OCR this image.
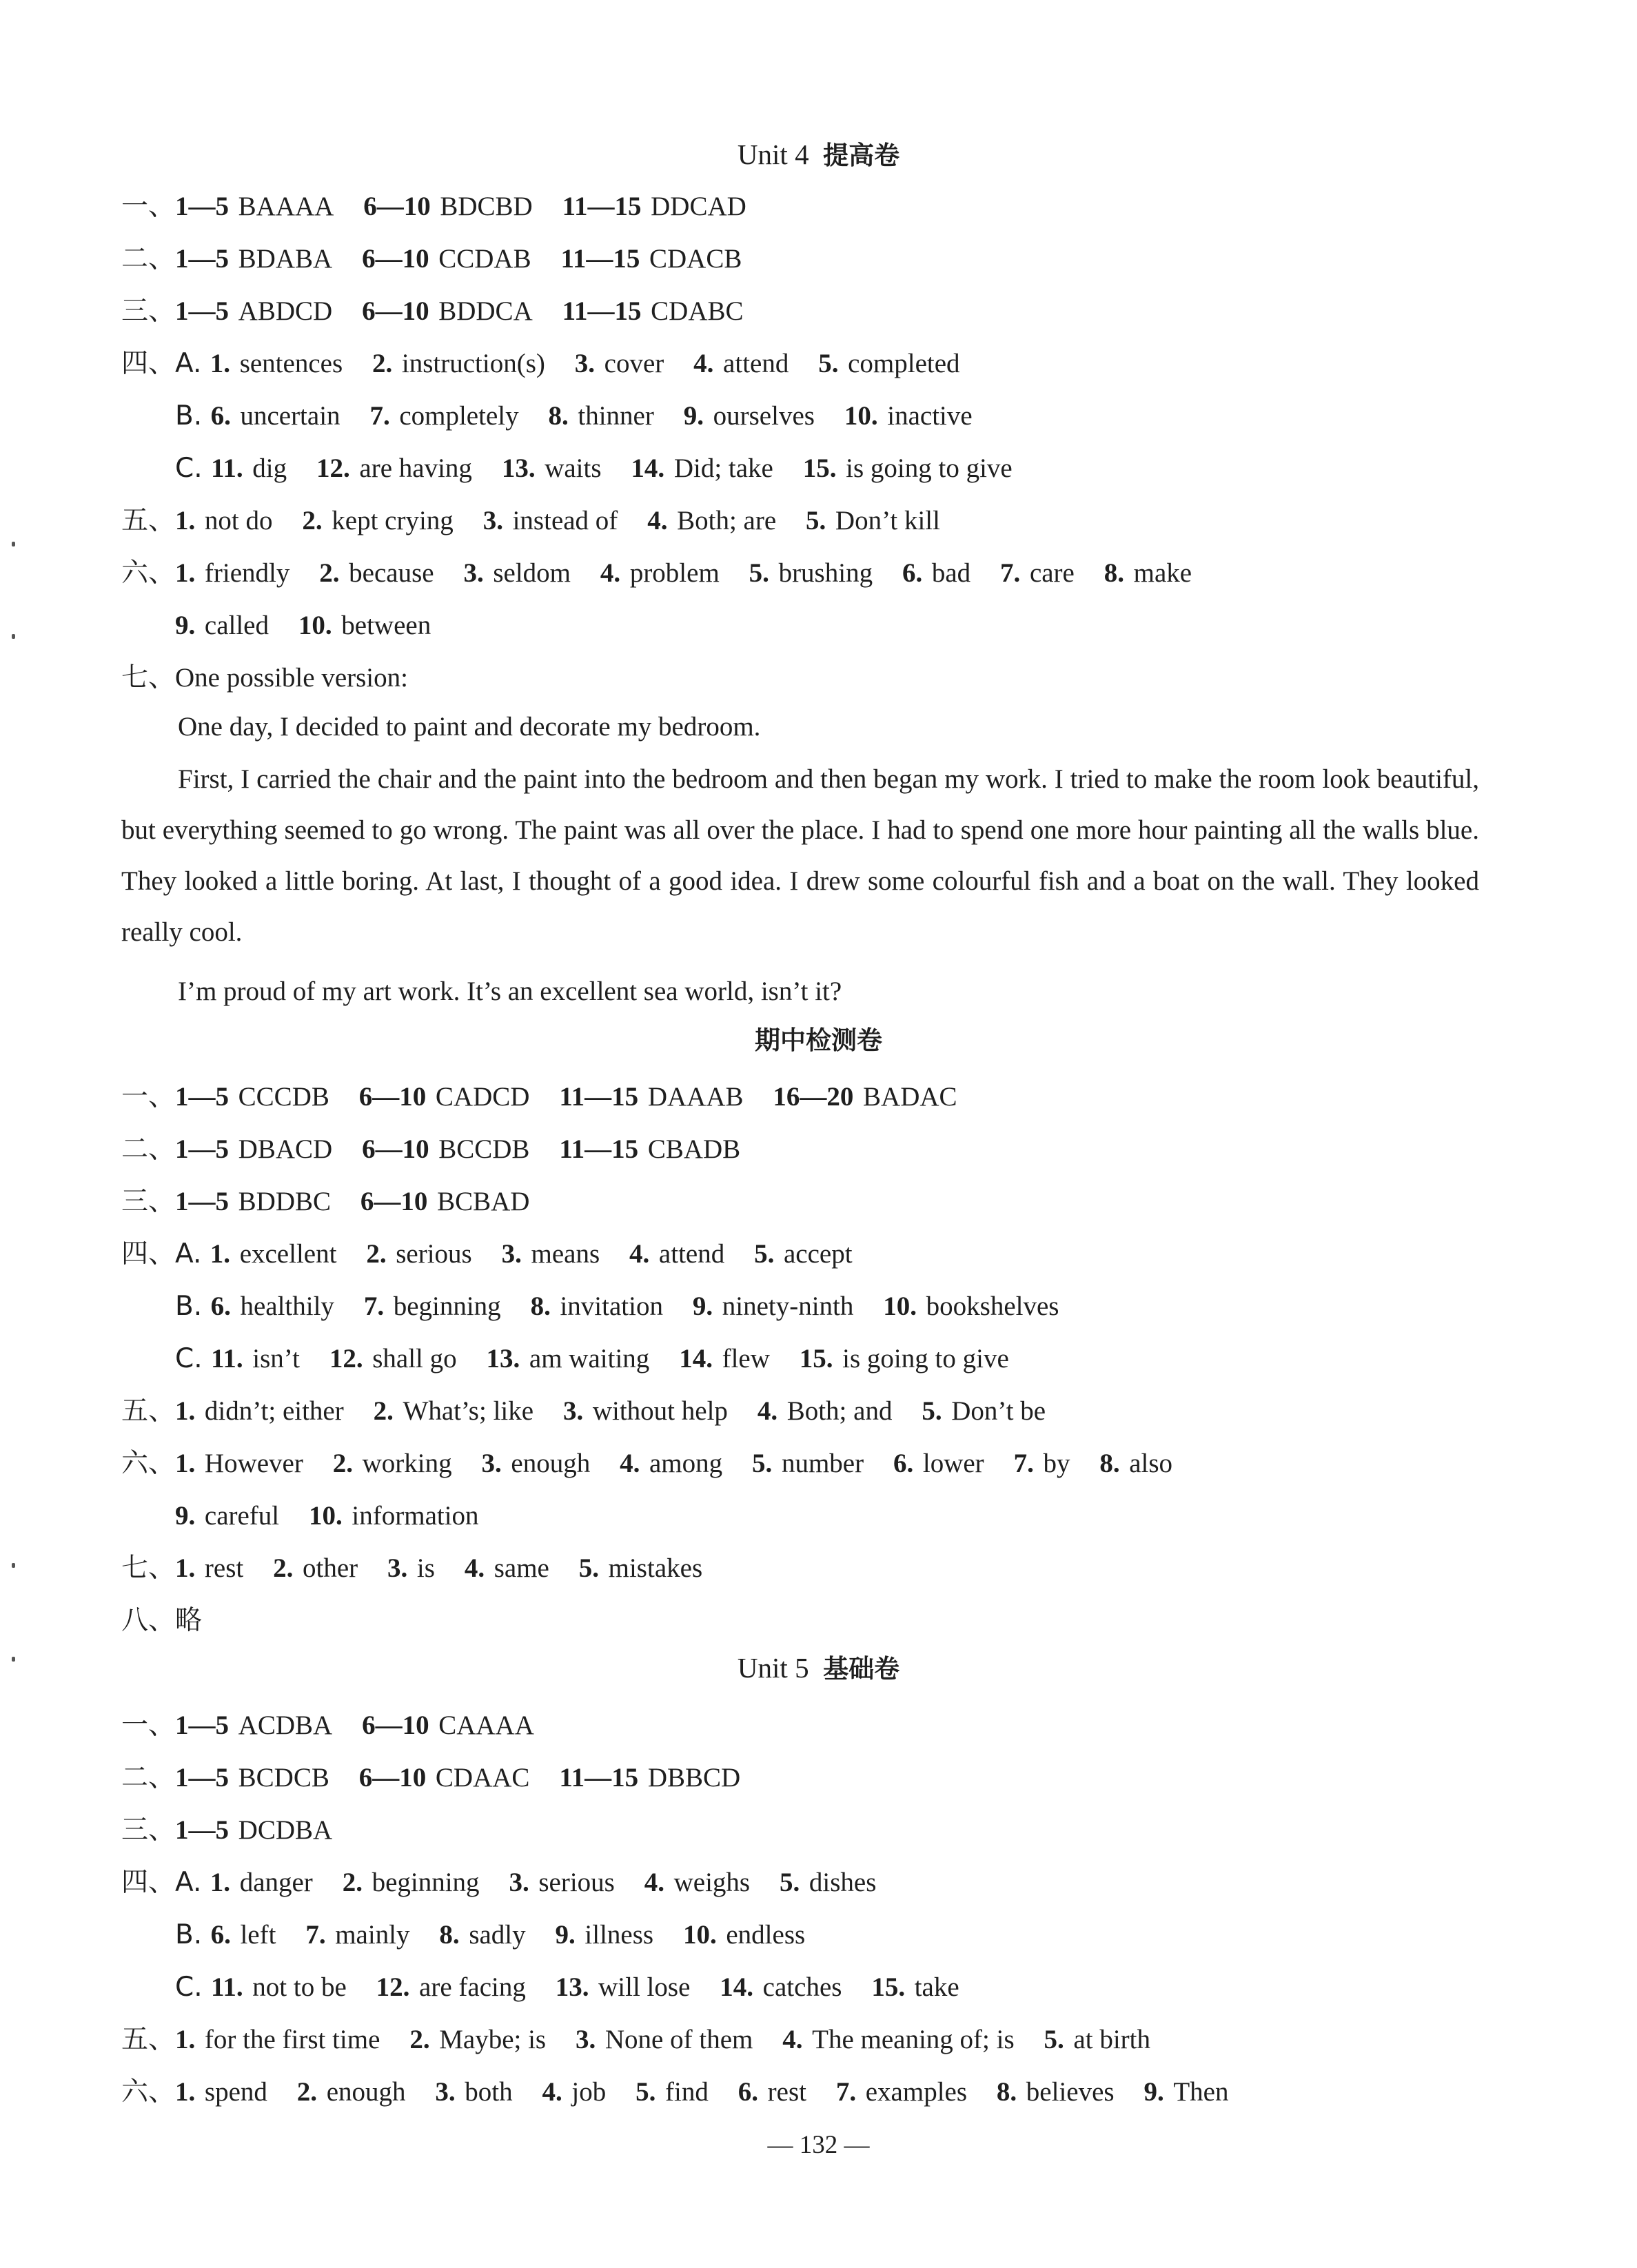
Unit 4 提高卷
一、1—5 BAAAA 6—10 BDCBD 11—15 DDCAD
二、1—5 BDABA 6—10 CCDAB 11—15 CDACB
三、1—5 ABDCD 6—10 BDDCA 11—15 CDABC
四、A. 1. sentences 2. instruction(s) 3. cover 4. attend 5. completed
B. 6. uncertain 7. completely 8. thinner 9. ourselves 10. inactive
C. 11. dig 12. are having 13. waits 14. Did; take 15. is going to give
五、1. not do 2. kept crying 3. instead of 4. Both; are 5. Don’t kill
六、1. friendly 2. because 3. seldom 4. problem 5. brushing 6. bad 7. care 8. make
9. called 10. between
七、One possible version:
One day, I decided to paint and decorate my bedroom.
First, I carried the chair and the paint into the bedroom and then began my work. I tried to make the room look beautiful, but everything seemed to go wrong. The paint was all over the place. I had to spend one more hour painting all the walls blue. They looked a little boring. At last, I thought of a good idea. I drew some colourful fish and a boat on the wall. They looked really cool.
I’m proud of my art work. It’s an excellent sea world, isn’t it?
期中检测卷
一、1—5 CCCDB 6—10 CADCD 11—15 DAAAB 16—20 BADAC
二、1—5 DBACD 6—10 BCCDB 11—15 CBADB
三、1—5 BDDBC 6—10 BCBAD
四、A. 1. excellent 2. serious 3. means 4. attend 5. accept
B. 6. healthily 7. beginning 8. invitation 9. ninety-ninth 10. bookshelves
C. 11. isn’t 12. shall go 13. am waiting 14. flew 15. is going to give
五、1. didn’t; either 2. What’s; like 3. without help 4. Both; and 5. Don’t be
六、1. However 2. working 3. enough 4. among 5. number 6. lower 7. by 8. also
9. careful 10. information
七、1. rest 2. other 3. is 4. same 5. mistakes
八、略
Unit 5 基础卷
一、1—5 ACDBA 6—10 CAAAA
二、1—5 BCDCB 6—10 CDAAC 11—15 DBBCD
三、1—5 DCDBA
四、A. 1. danger 2. beginning 3. serious 4. weighs 5. dishes
B. 6. left 7. mainly 8. sadly 9. illness 10. endless
C. 11. not to be 12. are facing 13. will lose 14. catches 15. take
五、1. for the first time 2. Maybe; is 3. None of them 4. The meaning of; is 5. at birth
六、1. spend 2. enough 3. both 4. job 5. find 6. rest 7. examples 8. believes 9. Then
— 132 —
